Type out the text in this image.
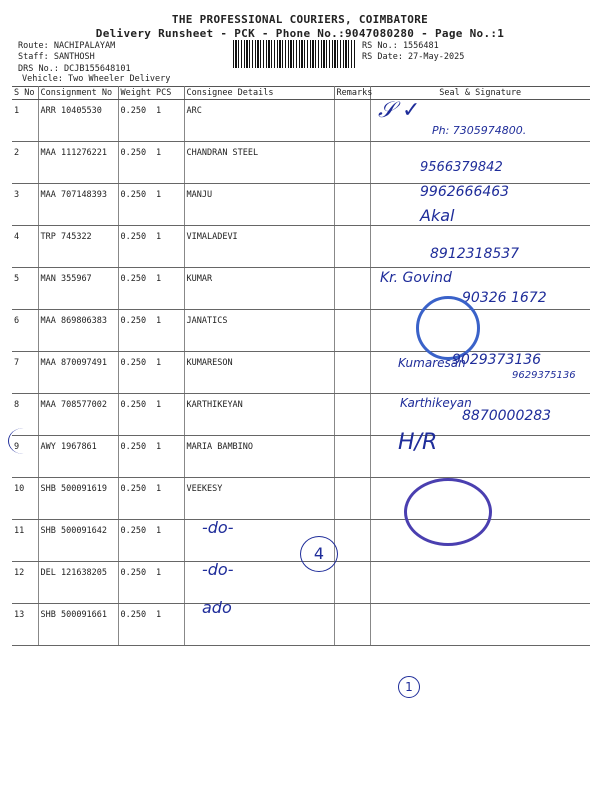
THE PROFESSIONAL COURIERS, COIMBATORE
Delivery Runsheet - PCK - Phone No.:9047080280 - Page No.:1
Route: NACHIPALAYAM
Staff: SANTHOSH
DRS No.: DCJB155648101
Vehicle: Two Wheeler Delivery
RS No.: 1556481
RS Date: 27-May-2025
S No	Consignment No	Weight	PCS	Consignee Details	Remarks	Seal & Signature
1	ARR 10405530	0.250	1	ARC		
2	MAA 111276221	0.250	1	CHANDRAN STEEL		
3	MAA 707148393	0.250	1	MANJU		
4	TRP 745322	0.250	1	VIMALADEVI		
5	MAN 355967	0.250	1	KUMAR		
6	MAA 869806383	0.250	1	JANATICS		
7	MAA 870097491	0.250	1	KUMARESON		
8	MAA 708577002	0.250	1	KARTHIKEYAN		
9	AWY 1967861	0.250	1	MARIA BAMBINO		
10	SHB 500091619	0.250	1	VEEKESY		
11	SHB 500091642	0.250	1			
12	DEL 121638205	0.250	1			
13	SHB 500091661	0.250	1			
𝒮 ✓
Ph: 7305974800.
9566379842
9962666463
Akal
8912318537
Kr. Govind
90326 1672
Kumaresan
9029373136
9629375136
Karthikeyan
8870000283
H/R
-do-
-do-
ado
4
1
